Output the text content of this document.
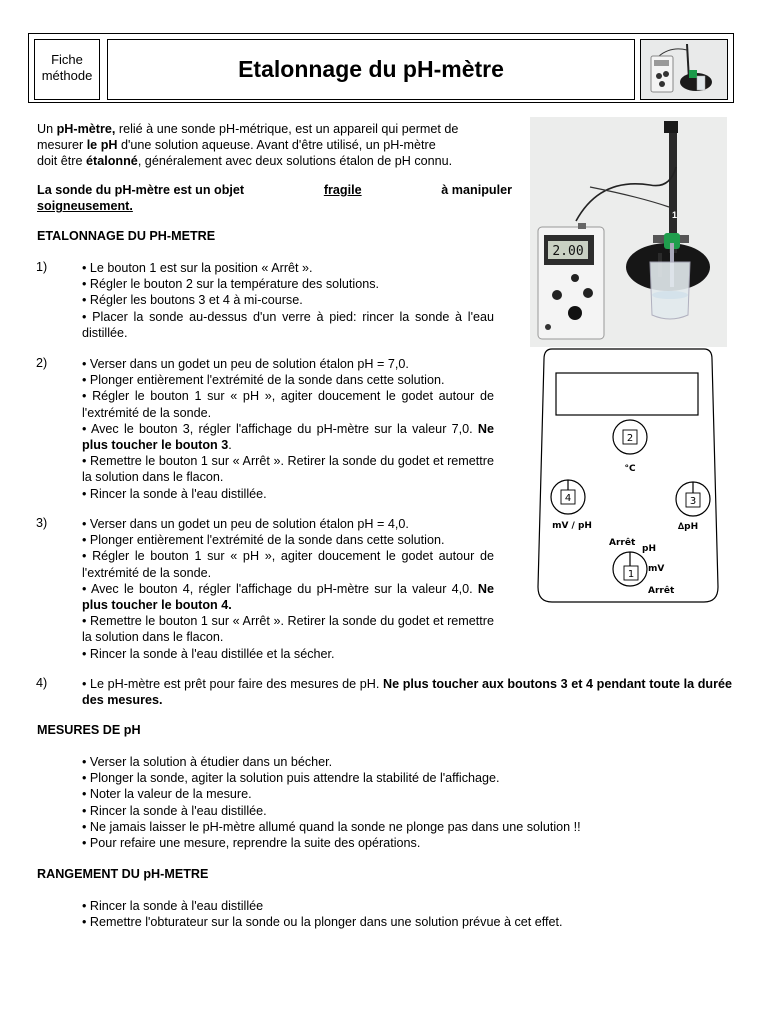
Fiche
méthode	Etalonnage du pH-mètre
Un pH-mètre, relié à une sonde pH-métrique, est un appareil qui permet de
mesurer le pH d'une solution aqueuse. Avant d'être utilisé, un pH-mètre
doit être étalonné, généralement avec deux solutions étalon de pH connu.
La sonde du pH-mètre est un objet	fragile	à manipuler
soigneusement.
ETALONNAGE DU PH-METRE
1)	• Le bouton 1 est sur la position « Arrêt ».
• Régler le bouton 2 sur la température des solutions.
• Régler les boutons 3 et 4 à mi-course.
• Placer la sonde au-dessus d'un verre à pied: rincer la sonde à l'eau distillée.
2)	• Verser dans un godet un peu de solution étalon pH = 7,0.
• Plonger entièrement l'extrémité de la sonde dans cette solution.
• Régler le bouton 1 sur « pH », agiter doucement le godet autour de l'extrémité de la sonde.
• Avec le bouton 3, régler l'affichage du pH-mètre sur la valeur 7,0. Ne plus toucher le bouton 3.
• Remettre le bouton 1 sur « Arrêt ». Retirer la sonde du godet et remettre la solution dans le flacon.
• Rincer la sonde à l'eau distillée.
3)	• Verser dans un godet un peu de solution étalon pH = 4,0.
• Plonger entièrement l'extrémité de la sonde dans cette solution.
• Régler le bouton 1 sur « pH », agiter doucement le godet autour de l'extrémité de la sonde.
• Avec le bouton 4, régler l'affichage du pH-mètre sur la valeur 4,0. Ne plus toucher le bouton 4.
• Remettre le bouton 1 sur « Arrêt ». Retirer la sonde du godet et remettre la solution dans le flacon.
• Rincer la sonde à l'eau distillée et la sécher.
4)	• Le pH-mètre est prêt pour faire des mesures de pH. Ne plus toucher aux boutons 3 et 4 pendant toute la durée des mesures.
MESURES DE pH
• Verser la solution à étudier dans un bécher.
• Plonger la sonde, agiter la solution puis attendre la stabilité de l'affichage.
• Noter la valeur de la mesure.
• Rincer la sonde à l'eau distillée.
• Ne jamais laisser le pH-mètre allumé quand la sonde ne plonge pas dans une solution !!
• Pour refaire une mesure, reprendre la suite des opérations.
RANGEMENT DU pH-METRE
• Rincer la sonde à l'eau distillée
• Remettre l'obturateur sur la sonde ou la plonger dans une solution prévue à cet effet.
1
2.00
2
°C
4
mV / pH
3
∆pH
Arrêt
pH
mV
1
Arrêt
